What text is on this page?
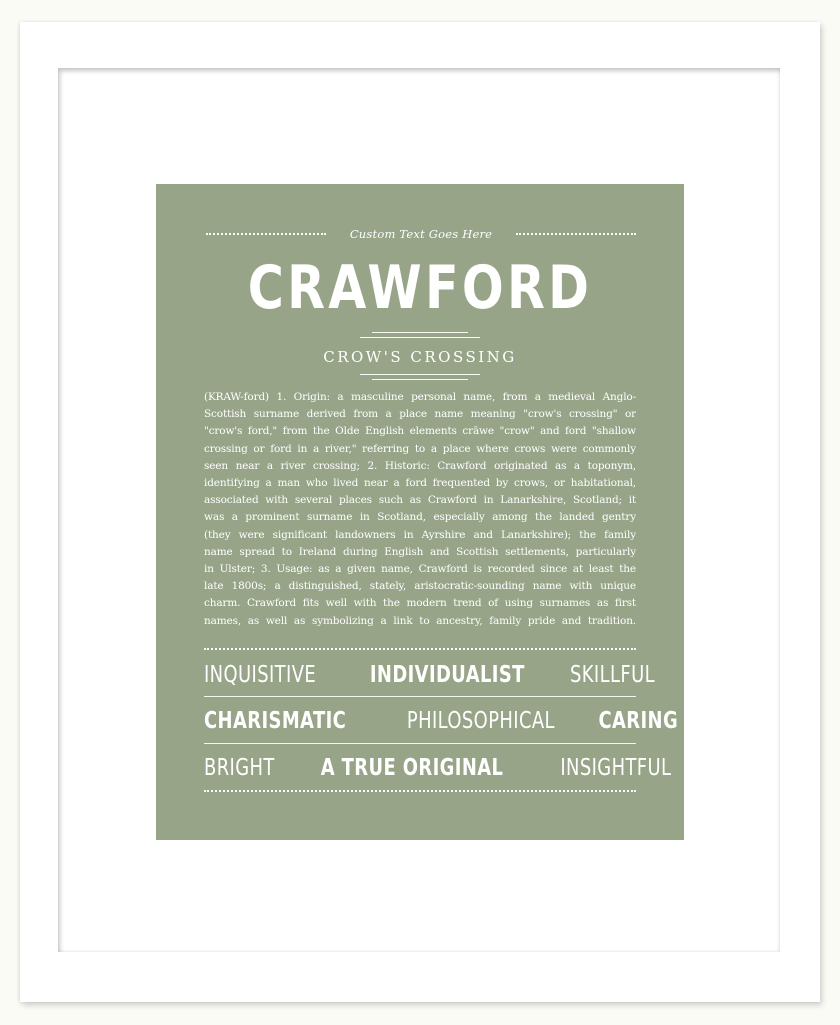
Custom Text Goes Here
CRAWFORD
CROW'S CROSSING
(KRAW-ford) 1. Origin: a masculine personal name, from a medieval Anglo-
Scottish surname derived from a place name meaning "crow's crossing" or
"crow's ford," from the Olde English elements crāwe "crow" and ford "shallow
crossing or ford in a river," referring to a place where crows were commonly
seen near a river crossing; 2. Historic: Crawford originated as a toponym,
identifying a man who lived near a ford frequented by crows, or habitational,
associated with several places such as Crawford in Lanarkshire, Scotland; it
was a prominent surname in Scotland, especially among the landed gentry
(they were significant landowners in Ayrshire and Lanarkshire); the family
name spread to Ireland during English and Scottish settlements, particularly
in Ulster; 3. Usage: as a given name, Crawford is recorded since at least the
late 1800s; a distinguished, stately, aristocratic-sounding name with unique
charm. Crawford fits well with the modern trend of using surnames as first
names, as well as symbolizing a link to ancestry, family pride and tradition.
INQUISITIVE	INDIVIDUALIST	SKILLFUL
CHARISMATIC	PHILOSOPHICAL	CARING
BRIGHT	A TRUE ORIGINAL	INSIGHTFUL
